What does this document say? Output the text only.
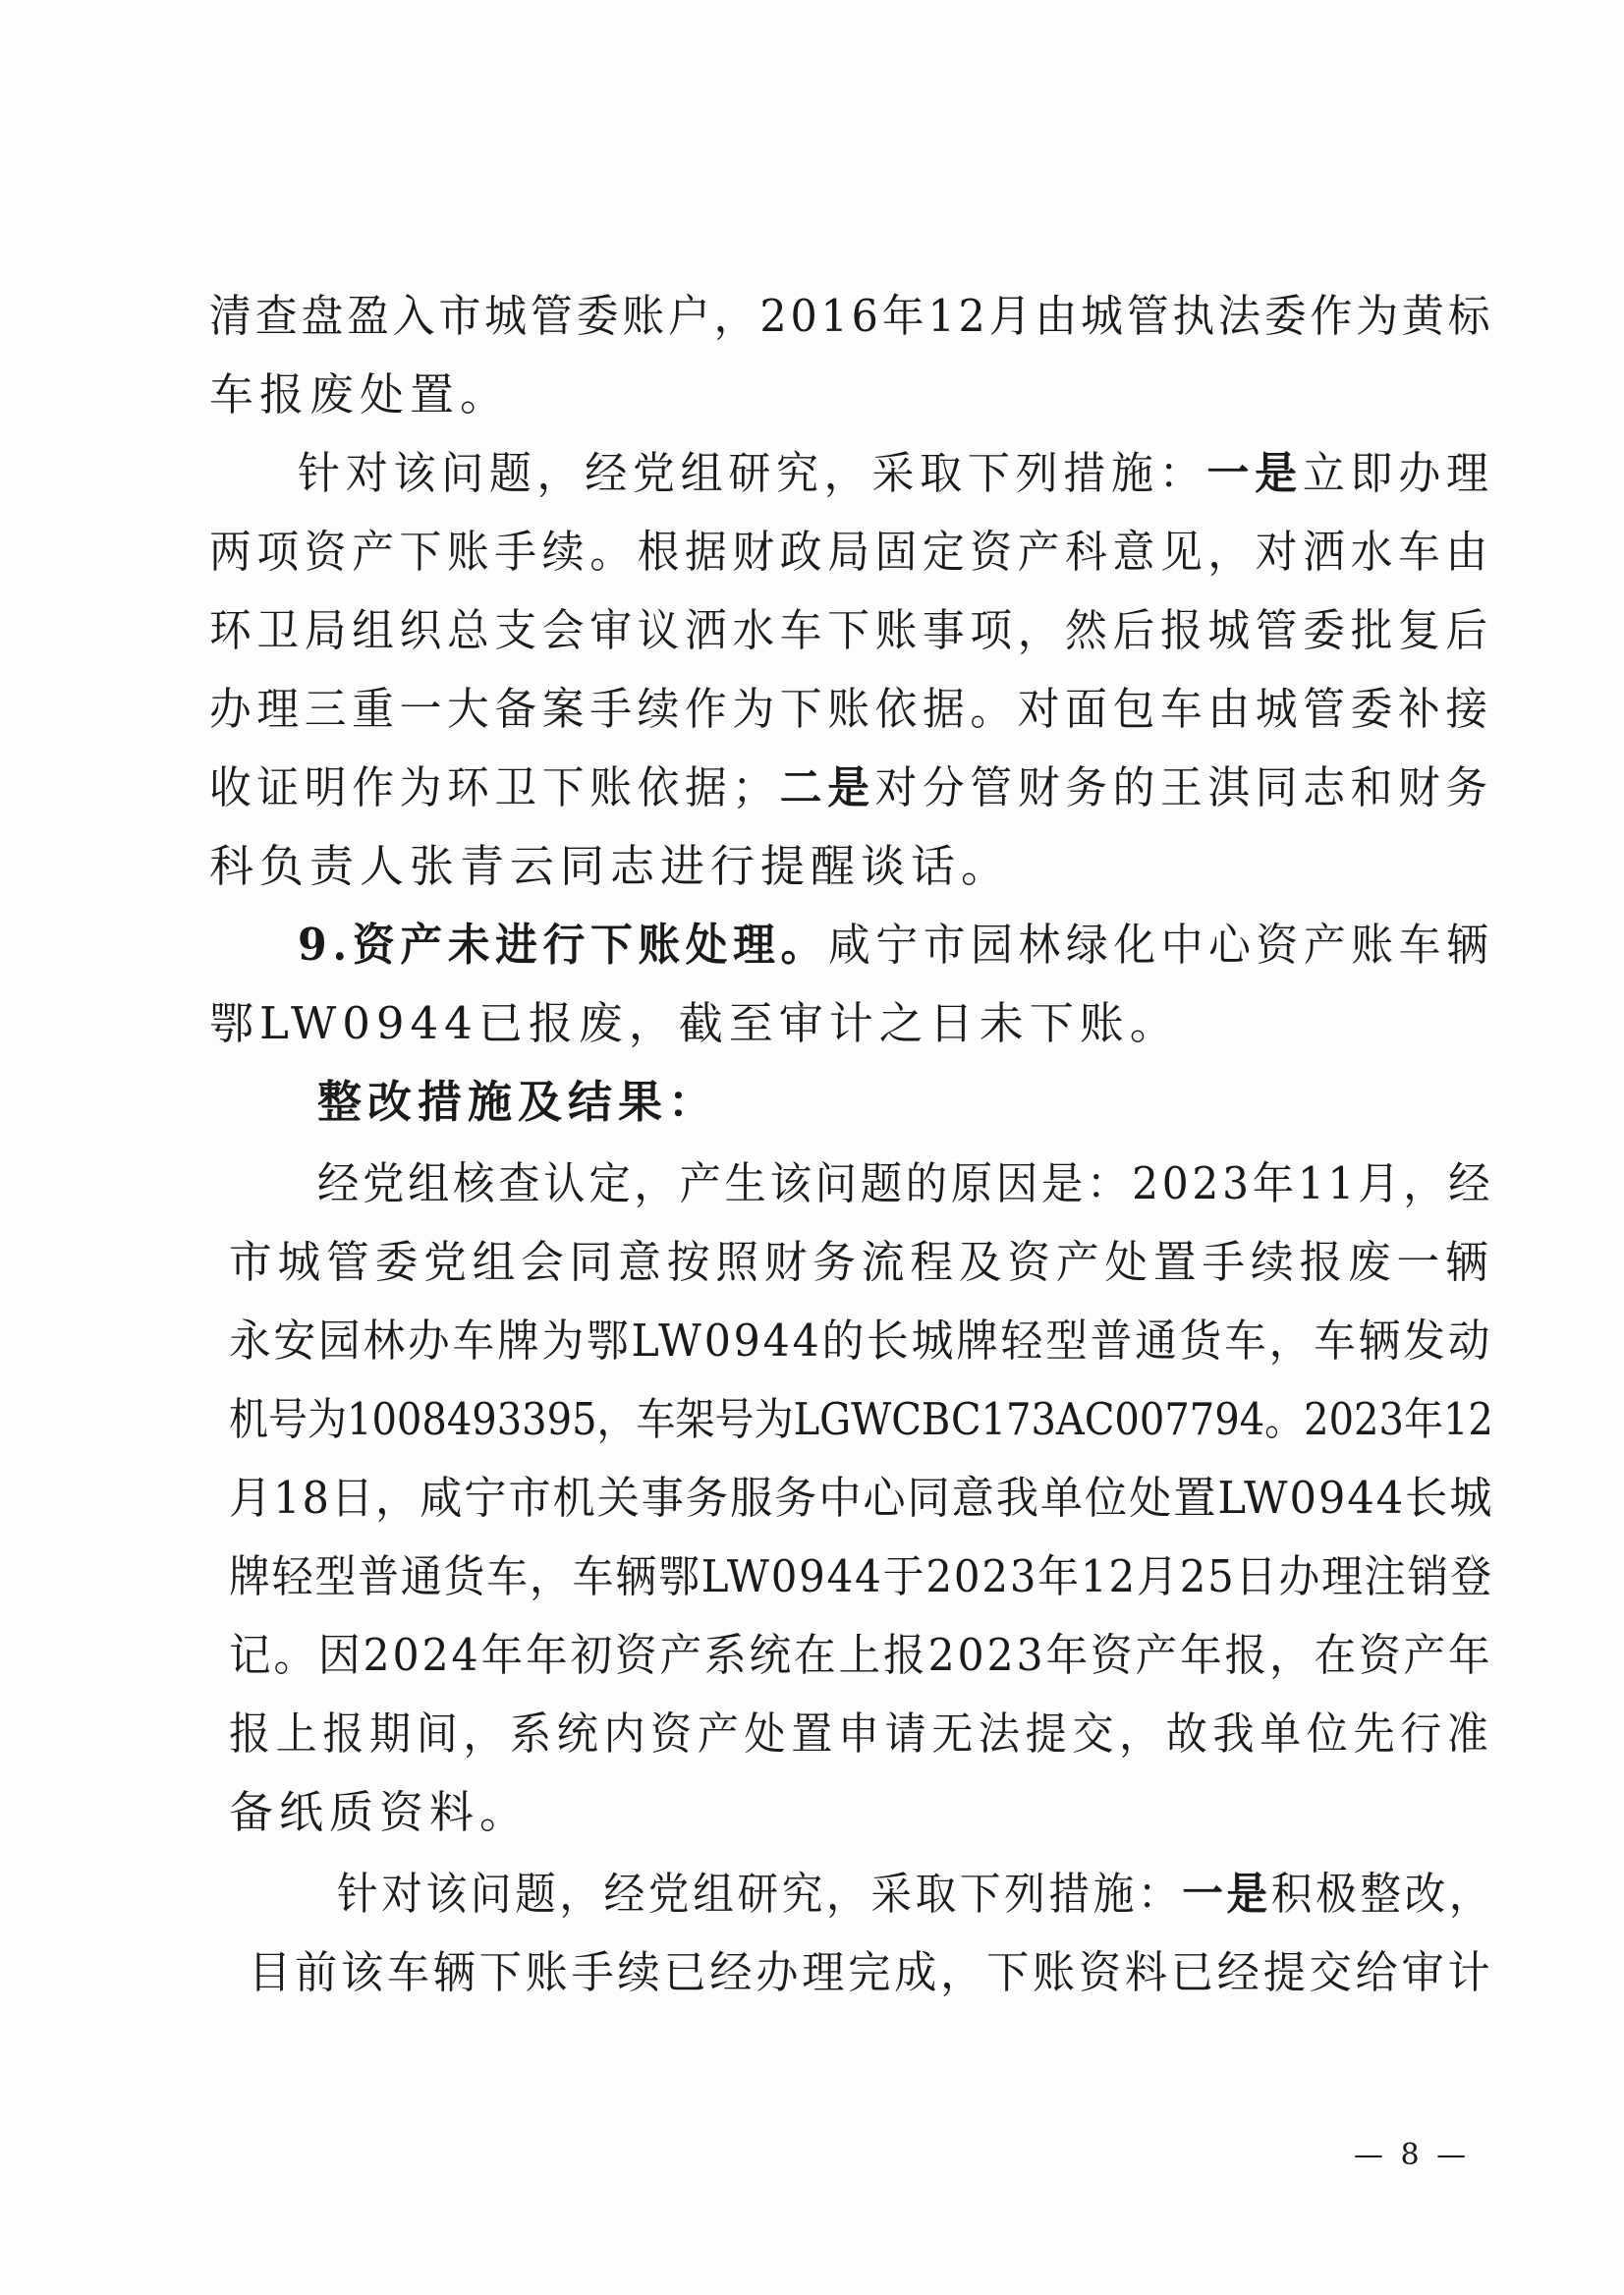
清查盘盈入市城管委账户，2016年12月由城管执法委作为黄标
车报废处置。
针对该问题，经党组研究，采取下列措施：一是立即办理
两项资产下账手续。根据财政局固定资产科意见，对洒水车由
环卫局组织总支会审议洒水车下账事项，然后报城管委批复后
办理三重一大备案手续作为下账依据。对面包车由城管委补接
收证明作为环卫下账依据；二是对分管财务的王淇同志和财务
科负责人张青云同志进行提醒谈话。
9.资产未进行下账处理。咸宁市园林绿化中心资产账车辆
鄂LW0944已报废，截至审计之日未下账。
整改措施及结果：
经党组核查认定，产生该问题的原因是：2023年11月，经
市城管委党组会同意按照财务流程及资产处置手续报废一辆
永安园林办车牌为鄂LW0944的长城牌轻型普通货车，车辆发动
机号为1008493395，车架号为LGWCBC173AC007794。2023年12
月18日，咸宁市机关事务服务中心同意我单位处置LW0944长城
牌轻型普通货车，车辆鄂LW0944于2023年12月25日办理注销登
记。因2024年年初资产系统在上报2023年资产年报，在资产年
报上报期间，系统内资产处置申请无法提交，故我单位先行准
备纸质资料。
针对该问题，经党组研究，采取下列措施：一是积极整改，
目前该车辆下账手续已经办理完成，下账资料已经提交给审计
— 8 —
